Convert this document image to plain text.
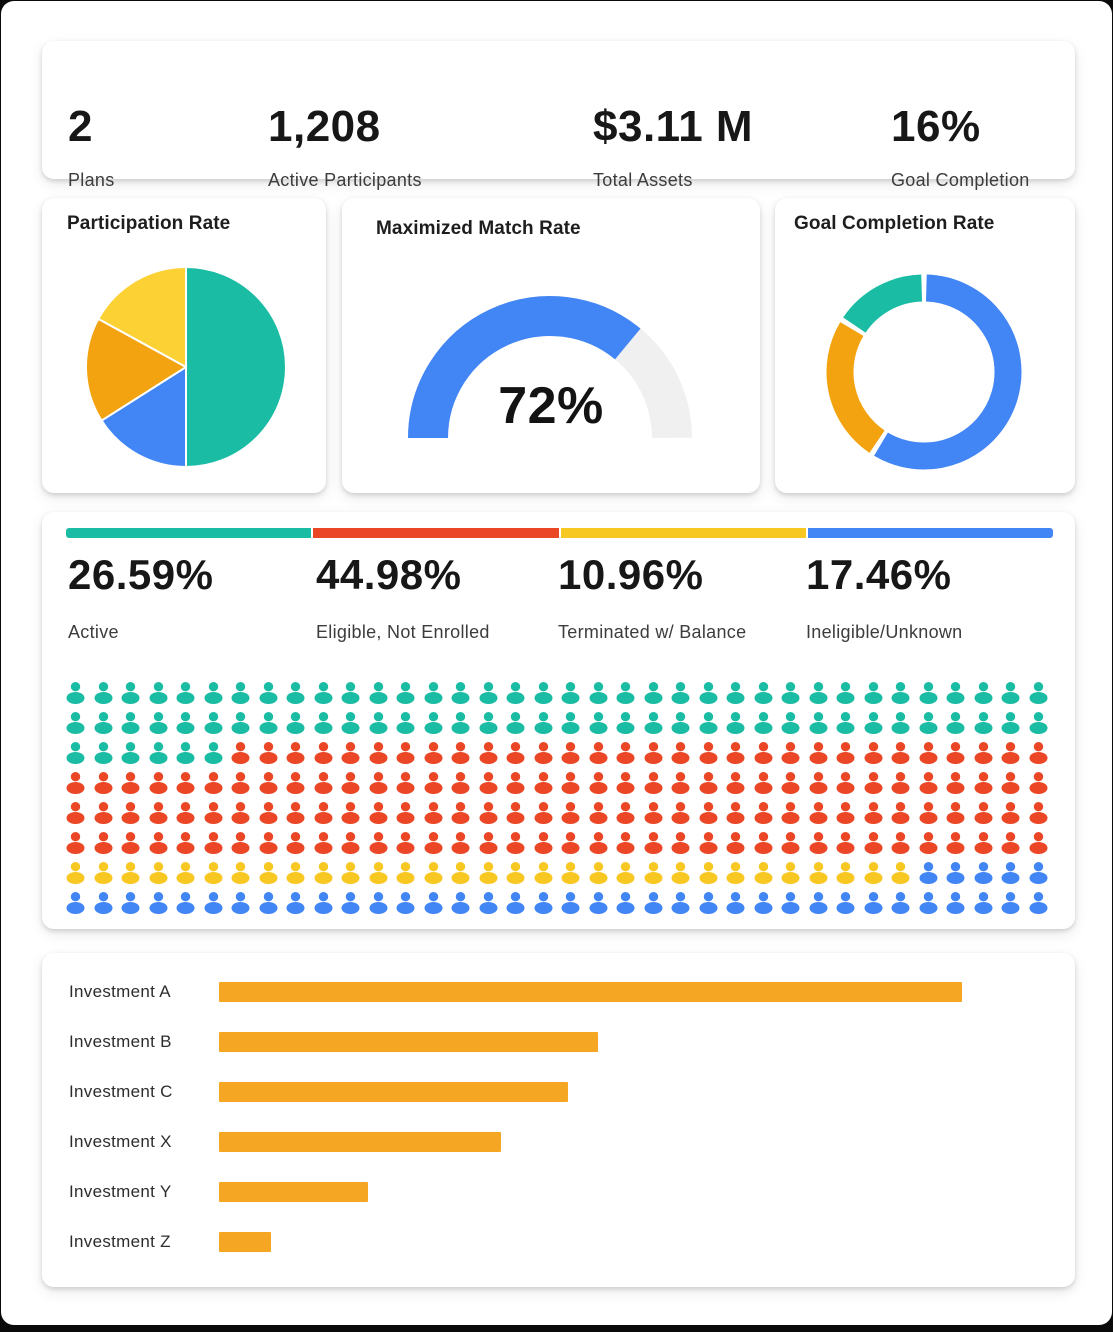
2
Plans
1,208
Active Participants
$3.11 M
Total Assets
16%
Goal Completion
Participation Rate	Maximized Match Rate
72%
Goal Completion Rate
26.59%
Active
44.98%
Eligible, Not Enrolled
10.96%
Terminated w/ Balance
17.46%
Ineligible/Unknown
Investment A
Investment B
Investment C
Investment X
Investment Y
Investment Z
